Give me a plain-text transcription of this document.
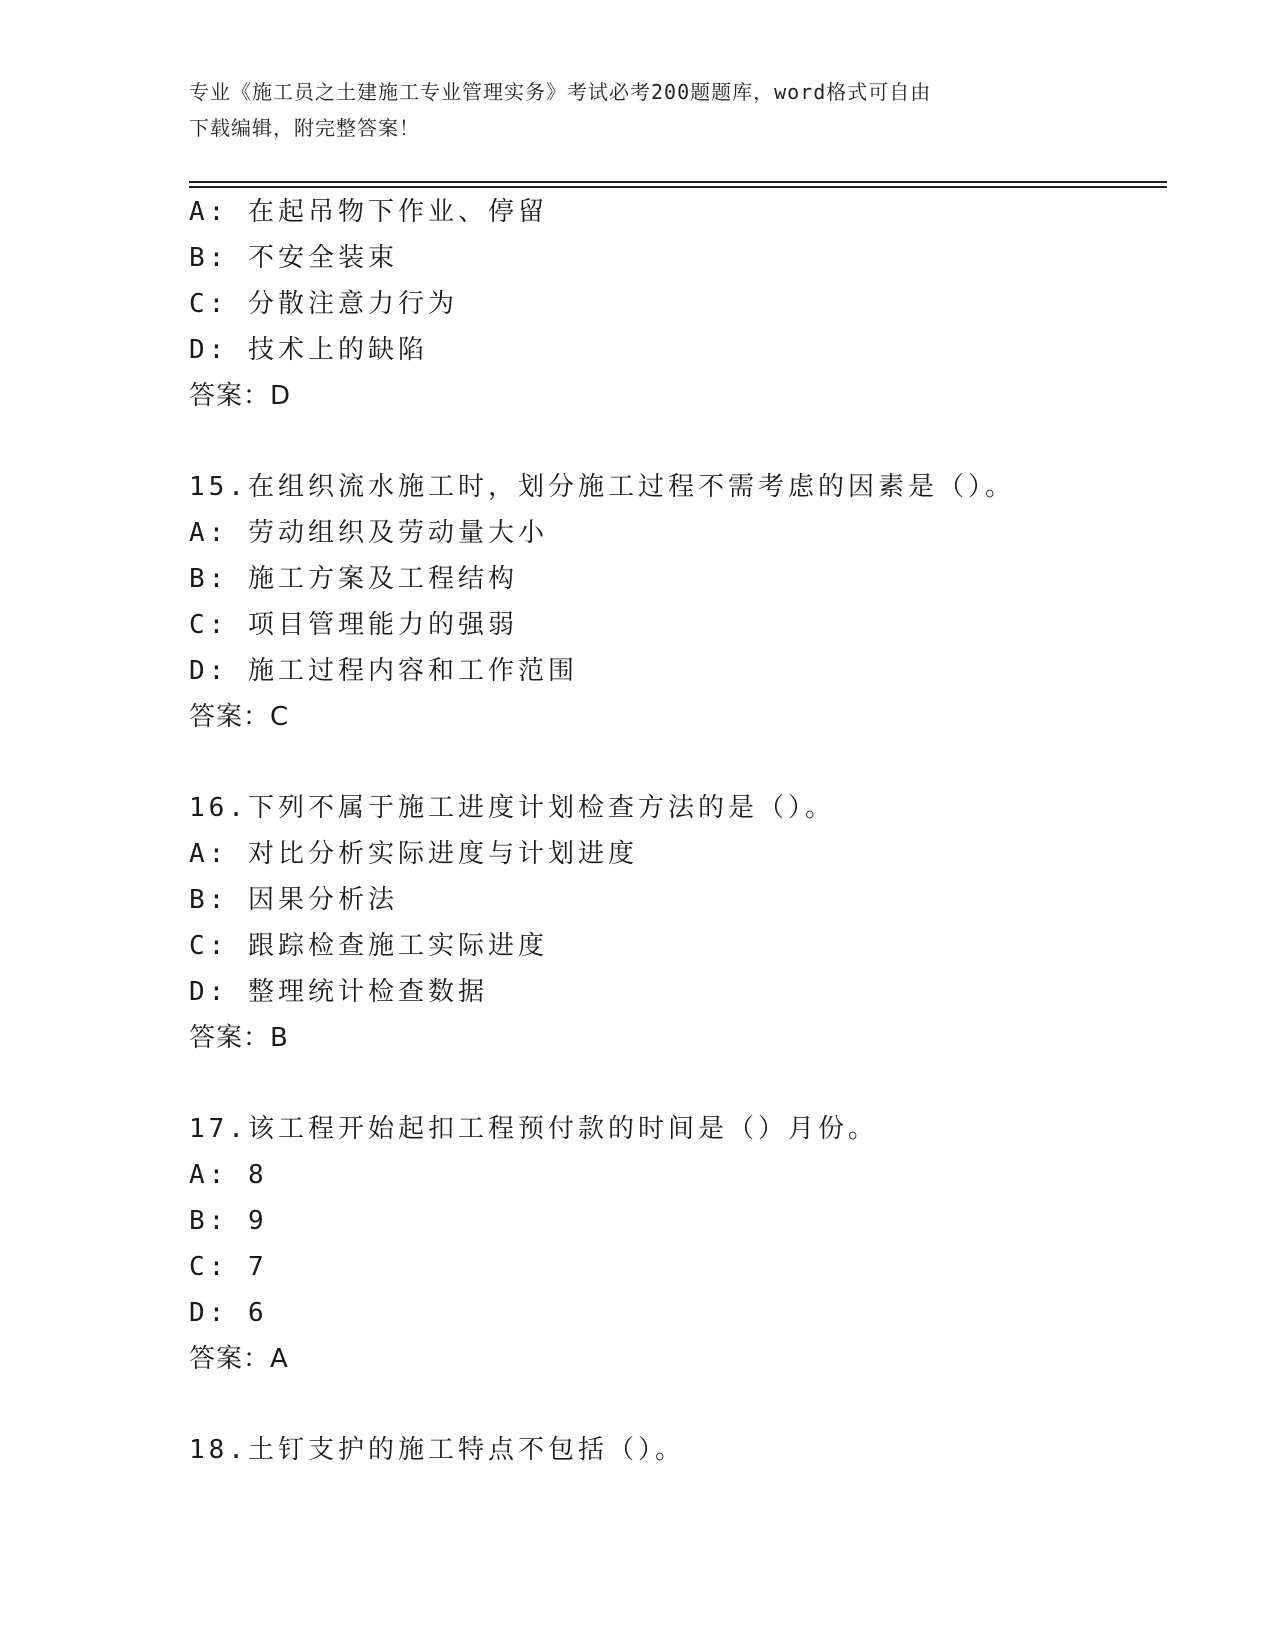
专业《施工员之土建施工专业管理实务》考试必考200题题库，word格式可自由
下载编辑，附完整答案！
A: 在起吊物下作业、停留
B: 不安全装束
C: 分散注意力行为
D: 技术上的缺陷
答案：D
15.在组织流水施工时，划分施工过程不需考虑的因素是（）。
A: 劳动组织及劳动量大小
B: 施工方案及工程结构
C: 项目管理能力的强弱
D: 施工过程内容和工作范围
答案：C
16.下列不属于施工进度计划检查方法的是（）。
A: 对比分析实际进度与计划进度
B: 因果分析法
C: 跟踪检查施工实际进度
D: 整理统计检查数据
答案：B
17.该工程开始起扣工程预付款的时间是（）月份。
A: 8
B: 9
C: 7
D: 6
答案：A
18.土钉支护的施工特点不包括（）。
